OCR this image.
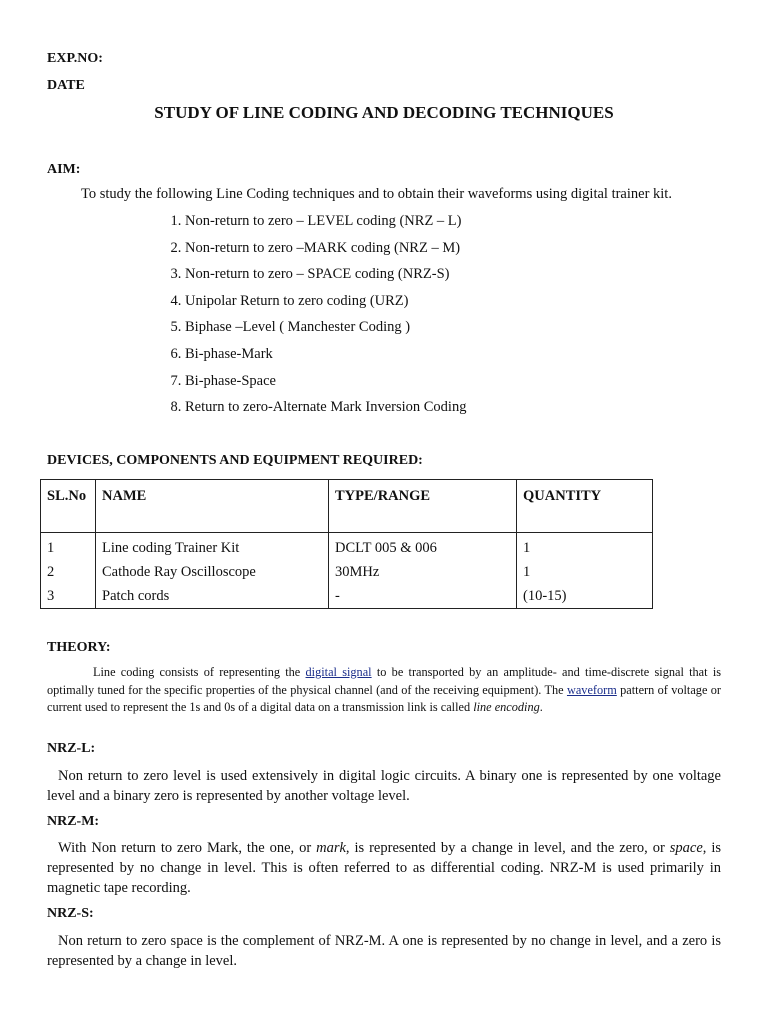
EXP.NO:
DATE
STUDY OF LINE CODING AND DECODING TECHNIQUES
AIM:
To study the following Line Coding techniques and to obtain their waveforms using digital trainer kit.
1. Non-return to zero – LEVEL coding (NRZ – L)
2. Non-return to zero –MARK coding (NRZ – M)
3. Non-return to zero – SPACE coding (NRZ-S)
4. Unipolar Return to zero coding (URZ)
5. Biphase –Level ( Manchester Coding )
6. Bi-phase-Mark
7. Bi-phase-Space
8. Return to zero-Alternate Mark Inversion Coding
DEVICES, COMPONENTS AND EQUIPMENT REQUIRED:
SL.No	NAME	TYPE/RANGE	QUANTITY
1	Line coding Trainer Kit	DCLT 005 & 006	1
2	Cathode Ray Oscilloscope	30MHz	1
3	Patch cords	-	(10-15)
THEORY:
Line coding consists of representing the digital signal to be transported by an amplitude- and time-discrete signal that is optimally tuned for the specific properties of the physical channel (and of the receiving equipment). The waveform pattern of voltage or current used to represent the 1s and 0s of a digital data on a transmission link is called line encoding.
NRZ-L:
Non return to zero level is used extensively in digital logic circuits. A binary one is represented by one voltage level and a binary zero is represented by another voltage level.
NRZ-M:
With Non return to zero Mark, the one, or mark, is represented by a change in level, and the zero, or space, is represented by no change in level. This is often referred to as differential coding. NRZ-M is used primarily in magnetic tape recording.
NRZ-S:
Non return to zero space is the complement of NRZ-M. A one is represented by no change in level, and a zero is represented by a change in level.
